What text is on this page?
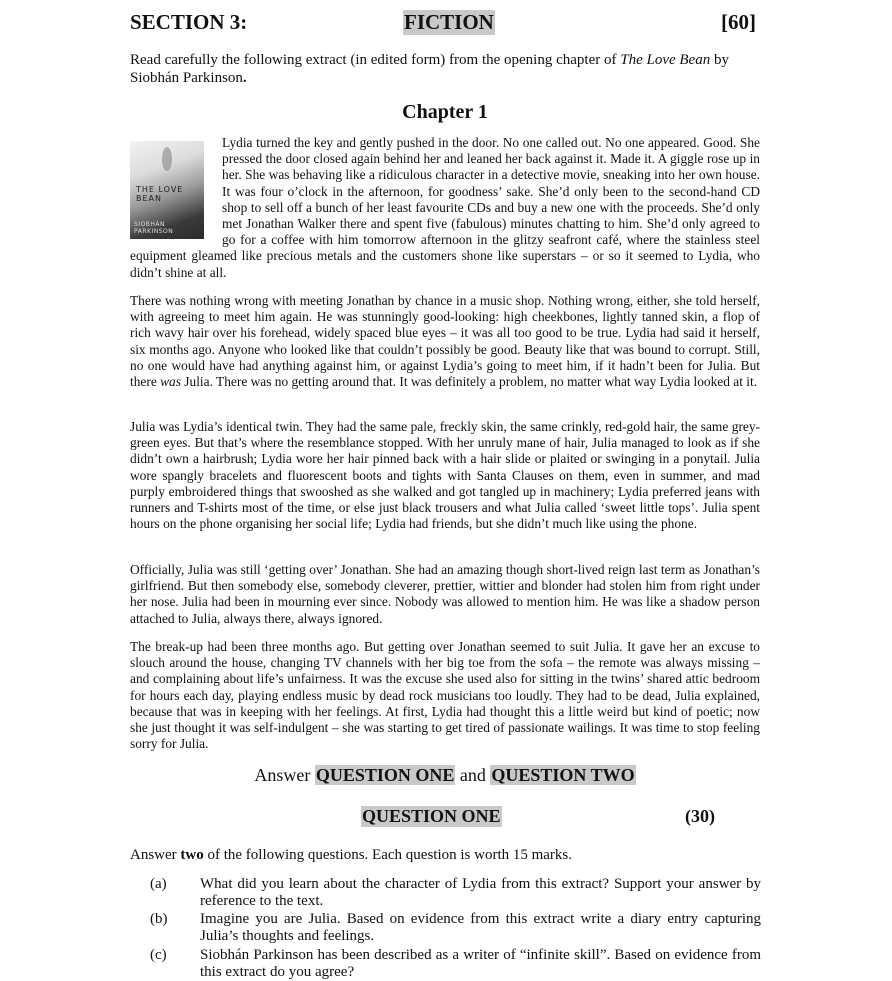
SECTION 3:	FICTION	[60]
Read carefully the following extract (in edited form) from the opening chapter of The Love Bean by Siobhán Parkinson.
Chapter 1
THE LOVE BEAN
SIOBHÁN PARKINSON

Lydia turned the key and gently pushed in the door. No one called out. No one appeared. Good. She pressed the door closed again behind her and leaned her back against it. Made it. A giggle rose up in her. She was behaving like a ridiculous character in a detective movie, sneaking into her own house. It was four o’clock in the afternoon, for goodness’ sake. She’d only been to the second-hand CD shop to sell off a bunch of her least favourite CDs and buy a new one with the proceeds. She’d only met Jonathan Walker there and spent five (fabulous) minutes chatting to him. She’d only agreed to go for a coffee with him tomorrow afternoon in the glitzy seafront café, where the stainless steel equipment gleamed like precious metals and the customers shone like superstars – or so it seemed to Lydia, who didn’t shine at all.

There was nothing wrong with meeting Jonathan by chance in a music shop. Nothing wrong, either, she told herself, with agreeing to meet him again. He was stunningly good-looking: high cheekbones, lightly tanned skin, a flop of rich wavy hair over his forehead, widely spaced blue eyes – it was all too good to be true. Lydia had said it herself, six months ago. Anyone who looked like that couldn’t possibly be good. Beauty like that was bound to corrupt. Still, no one would have had anything against him, or against Lydia’s going to meet him, if it hadn’t been for Julia. But there was Julia. There was no getting around that. It was definitely a problem, no matter what way Lydia looked at it.

Julia was Lydia’s identical twin. They had the same pale, freckly skin, the same crinkly, red-gold hair, the same grey-green eyes. But that’s where the resemblance stopped. With her unruly mane of hair, Julia managed to look as if she didn’t own a hairbrush; Lydia wore her hair pinned back with a hair slide or plaited or swinging in a ponytail. Julia wore spangly bracelets and fluorescent boots and tights with Santa Clauses on them, even in summer, and mad purply embroidered things that swooshed as she walked and got tangled up in machinery; Lydia preferred jeans with runners and T-shirts most of the time, or else just black trousers and what Julia called ‘sweet little tops’. Julia spent hours on the phone organising her social life; Lydia had friends, but she didn’t much like using the phone.

Officially, Julia was still ‘getting over’ Jonathan. She had an amazing though short-lived reign last term as Jonathan’s girlfriend. But then somebody else, somebody cleverer, prettier, wittier and blonder had stolen him from right under her nose. Julia had been in mourning ever since. Nobody was allowed to mention him. He was like a shadow person attached to Julia, always there, always ignored.

The break-up had been three months ago. But getting over Jonathan seemed to suit Julia. It gave her an excuse to slouch around the house, changing TV channels with her big toe from the sofa – the remote was always missing – and complaining about life’s unfairness. It was the excuse she used also for sitting in the twins’ shared attic bedroom for hours each day, playing endless music by dead rock musicians too loudly. They had to be dead, Julia explained, because that was in keeping with her feelings. At first, Lydia had thought this a little weird but kind of poetic; now she just thought it was self-indulgent – she was starting to get tired of passionate wailings. It was time to stop feeling sorry for Julia.

Answer QUESTION ONE and QUESTION TWO
QUESTION ONE	(30)
Answer two of the following questions. Each question is worth 15 marks.
(a)	What did you learn about the character of Lydia from this extract? Support your answer by reference to the text.
(b)	Imagine you are Julia. Based on evidence from this extract write a diary entry capturing Julia’s thoughts and feelings.
(c)	Siobhán Parkinson has been described as a writer of “infinite skill”. Based on evidence from this extract do you agree?
